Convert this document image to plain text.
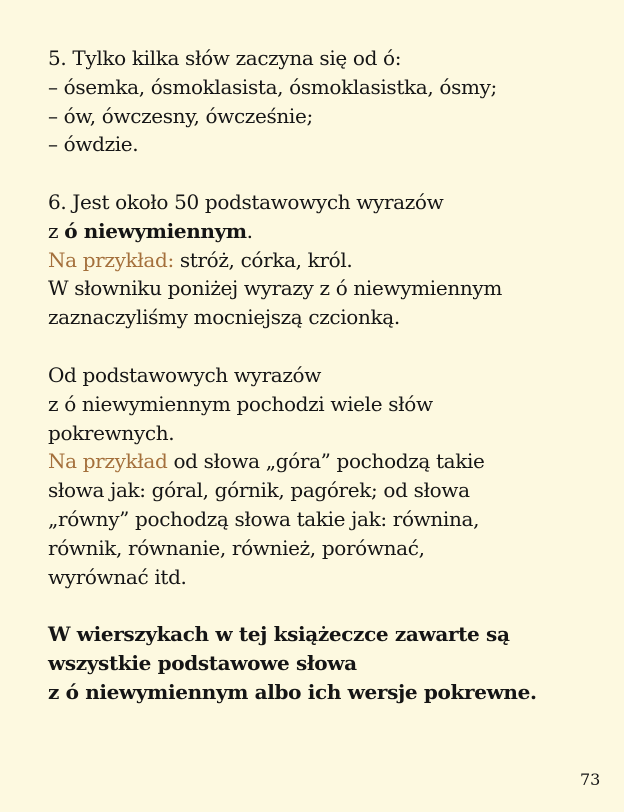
5. Tylko kilka słów zaczyna się od ó:
– ósemka, ósmoklasista, ósmoklasistka, ósmy;
– ów, ówczesny, ówcześnie;
– ówdzie.
6. Jest około 50 podstawowych wyrazów
z ó niewymiennym.
Na przykład: stróż, córka, król.
W słowniku poniżej wyrazy z ó niewymiennym
zaznaczyliśmy mocniejszą czcionką.
Od podstawowych wyrazów
z ó niewymiennym pochodzi wiele słów
pokrewnych.
Na przykład od słowa „góra” pochodzą takie
słowa jak: góral, górnik, pagórek; od słowa
„równy” pochodzą słowa takie jak: równina,
równik, równanie, również, porównać,
wyrównać itd.
W wierszykach w tej książeczce zawarte są
wszystkie podstawowe słowa
z ó niewymiennym albo ich wersje pokrewne.
73
